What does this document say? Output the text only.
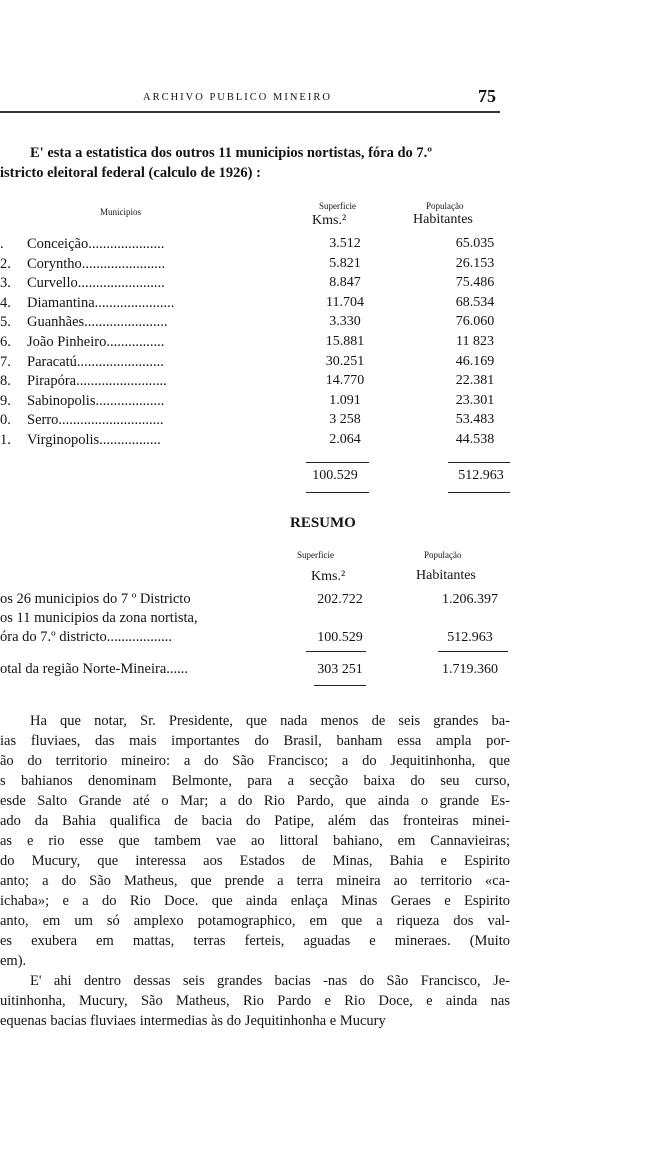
ARCHIVO PUBLICO MINEIRO	75

E' esta a estatistica dos outros 11 municipios nortistas, fóra do 7.º

istricto eleitoral federal (calculo de 1926) :

Municipios
Superficie
Kms.²
População
Habitantes
.	Conceição.....................	3.512	65.035
2.	Coryntho.......................	5.821	26.153
3.	Curvello........................	8.847	75.486
4.	Diamantina......................	11.704	68.534
5.	Guanhães.......................	3.330	76.060
6.	João Pinheiro................	15.881	11 823
7.	Paracatú........................	30.251	46.169
8.	Pirapóra.........................	14.770	22.381
9.	Sabinopolis...................	1.091	23.301
0.	Serro.............................	3 258	53.483
1.	Virginopolis.................	2.064	44.538
100.529	512.963
RESUMO
Superficie	População
Kms.²	Habitantes
os 26 municipios do 7 º Districto	202.722	1.206.397
os 11 municipios da zona nortista,
óra do 7.º districto..................	100.529	512.963
otal da região Norte-Mineira......	303 251	1.719.360

Ha que notar, Sr. Presidente, que nada menos de seis grandes ba-
ias fluviaes, das mais importantes do Brasil, banham essa ampla por-
ão do territorio mineiro: a do São Francisco; a do Jequitinhonha, que
s bahianos denominam Belmonte, para a secção baixa do seu curso,
esde Salto Grande até o Mar; a do Rio Pardo, que ainda o grande Es-
ado da Bahia qualifica de bacia do Patipe, além das fronteiras minei-
as e rio esse que tambem vae ao littoral bahiano, em Cannavieiras;
do Mucury, que interessa aos Estados de Minas, Bahia e Espirito
anto; a do São Matheus, que prende a terra mineira ao territorio «ca-
ichaba»; e a do Rio Doce. que ainda enlaça Minas Geraes e Espirito
anto, em um só amplexo potamographico, em que a riqueza dos val-
es exubera em mattas, terras ferteis, aguadas e mineraes. (Muito
em).

E' ahi dentro dessas seis grandes bacias -nas do São Francisco, Je-
uitinhonha, Mucury, São Matheus, Rio Pardo e Rio Doce, e ainda nas
equenas bacias fluviaes intermedias às do Jequitinhonha e Mucury
